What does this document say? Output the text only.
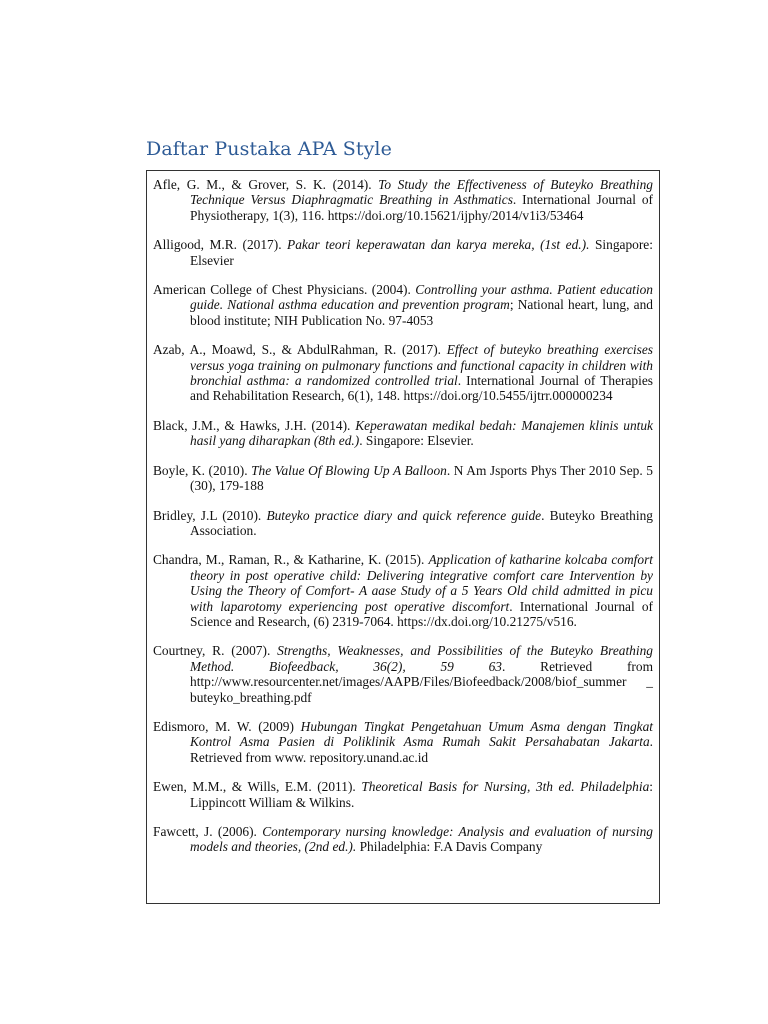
Daftar Pustaka APA Style

Afle, G. M., & Grover, S. K. (2014). To Study the Effectiveness of Buteyko Breathing Technique Versus Diaphragmatic Breathing in Asthmatics. International Journal of Physiotherapy, 1(3), 116. https://doi.org/10.15621/ijphy/2014/v1i3/53464

Alligood, M.R. (2017). Pakar teori keperawatan dan karya mereka, (1st ed.). Singapore: Elsevier

American College of Chest Physicians. (2004). Controlling your asthma. Patient education guide. National asthma education and prevention program; National heart, lung, and blood institute; NIH Publication No. 97-4053

Azab, A., Moawd, S., & AbdulRahman, R. (2017). Effect of buteyko breathing exercises versus yoga training on pulmonary functions and functional capacity in children with bronchial asthma: a randomized controlled trial. International Journal of Therapies and Rehabilitation Research, 6(1), 148. https://doi.org/10.5455/ijtrr.000000234

Black, J.M., & Hawks, J.H. (2014). Keperawatan medikal bedah: Manajemen klinis untuk hasil yang diharapkan (8th ed.). Singapore: Elsevier.

Boyle, K. (2010). The Value Of Blowing Up A Balloon. N Am Jsports Phys Ther 2010 Sep. 5 (30), 179-188

Bridley, J.L (2010). Buteyko practice diary and quick reference guide. Buteyko Breathing Association.

Chandra, M., Raman, R., & Katharine, K. (2015). Application of katharine kolcaba comfort theory in post operative child: Delivering integrative comfort care Intervention by Using the Theory of Comfort- A aase Study of a 5 Years Old child admitted in picu with laparotomy experiencing post operative discomfort. International Journal of Science and Research, (6) 2319-7064. https://dx.doi.org/10.21275/v516.

Courtney, R. (2007). Strengths, Weaknesses, and Possibilities of the Buteyko Breathing Method. Biofeedback, 36(2), 59 63. Retrieved from http://www.resourcenter.net/images/AAPB/Files/Biofeedback/2008/biof_summer _ buteyko_breathing.pdf

Edismoro, M. W. (2009) Hubungan Tingkat Pengetahuan Umum Asma dengan Tingkat Kontrol Asma Pasien di Poliklinik Asma Rumah Sakit Persahabatan Jakarta. Retrieved from www. repository.unand.ac.id

Ewen, M.M., & Wills, E.M. (2011). Theoretical Basis for Nursing, 3th ed. Philadelphia: Lippincott William & Wilkins.

Fawcett, J. (2006). Contemporary nursing knowledge: Analysis and evaluation of nursing models and theories, (2nd ed.). Philadelphia: F.A Davis Company
